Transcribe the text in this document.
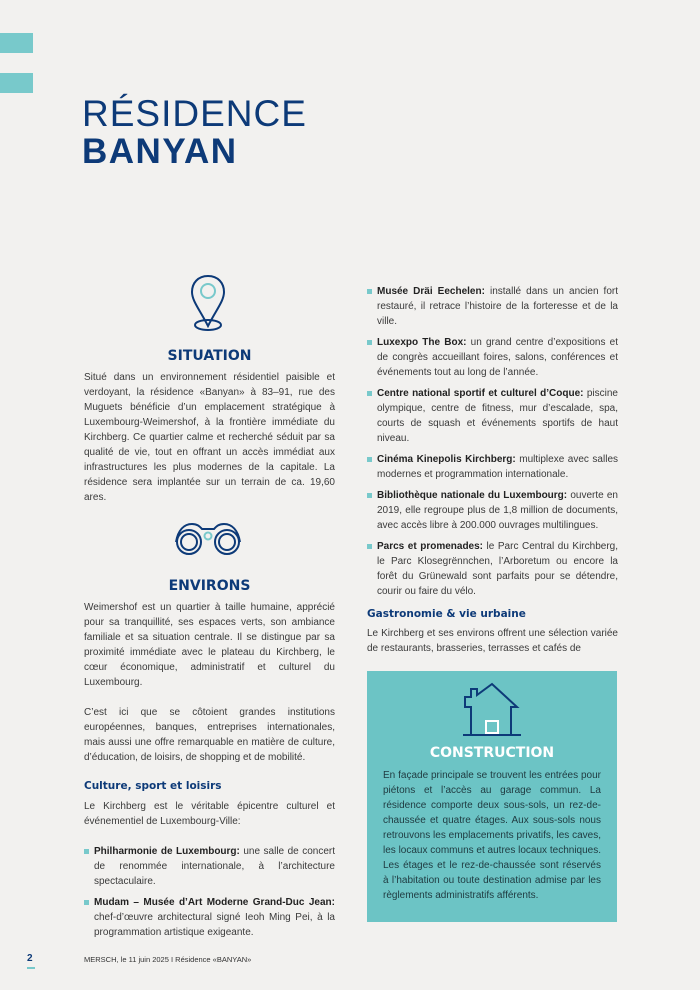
RÉSIDENCE
BANYAN

SITUATION

Situé dans un environnement résidentiel paisible et verdoyant, la résidence «Banyan» à 83–91, rue des Muguets bénéficie d’un emplacement stratégique à Luxembourg-Weimershof, à la frontière immédiate du Kirchberg. Ce quartier calme et recherché séduit par sa qualité de vie, tout en offrant un accès immédiat aux infrastructures les plus modernes de la capitale. La résidence sera implantée sur un terrain de ca. 19,60 ares.

ENVIRONS

Weimershof est un quartier à taille humaine, apprécié pour sa tranquillité, ses espaces verts, son ambiance familiale et sa situation centrale. Il se distingue par sa proximité immédiate avec le plateau du Kirchberg, le cœur économique, administratif et culturel du Luxembourg.

C’est ici que se côtoient grandes institutions européennes, banques, entreprises internationales, mais aussi une offre remarquable en matière de culture, d’éducation, de loisirs, de shopping et de mobilité.

Culture, sport et loisirs

Le Kirchberg est le véritable épicentre culturel et événementiel de Luxembourg-Ville:

Philharmonie de Luxembourg: une salle de concert de renommée internationale, à l’architecture spectaculaire.
Mudam – Musée d’Art Moderne Grand-Duc Jean: chef-d’œuvre architectural signé Ieoh Ming Pei, à la programmation artistique exigeante.
Musée Dräi Eechelen: installé dans un ancien fort restauré, il retrace l’histoire de la forteresse et de la ville.
Luxexpo The Box: un grand centre d’expositions et de congrès accueillant foires, salons, conférences et événements tout au long de l’année.
Centre national sportif et culturel d’Coque: piscine olympique, centre de fitness, mur d’escalade, spa, courts de squash et événements sportifs de haut niveau.
Cinéma Kinepolis Kirchberg: multiplexe avec salles modernes et programmation internationale.
Bibliothèque nationale du Luxembourg: ouverte en 2019, elle regroupe plus de 1,8 million de documents, avec accès libre à 200.000 ouvrages multilingues.
Parcs et promenades: le Parc Central du Kirchberg, le Parc Klosegrënnchen, l’Arboretum ou encore la forêt du Grünewald sont parfaits pour se détendre, courir ou faire du vélo.

Gastronomie & vie urbaine

Le Kirchberg et ses environs offrent une sélection variée de restaurants, brasseries, terrasses et cafés de

CONSTRUCTION

En façade principale se trouvent les entrées pour piétons et l’accès au garage commun. La résidence comporte deux sous-sols, un rez-de-chaussée et quatre étages. Aux sous-sols nous retrouvons les emplacements privatifs, les caves, les locaux communs et autres locaux techniques. Les étages et le rez-de-chaussée sont réservés à l’habitation ou toute destination admise par les règlements administratifs afférents.

2	MERSCH, le 11 juin 2025 I Résidence «BANYAN»
